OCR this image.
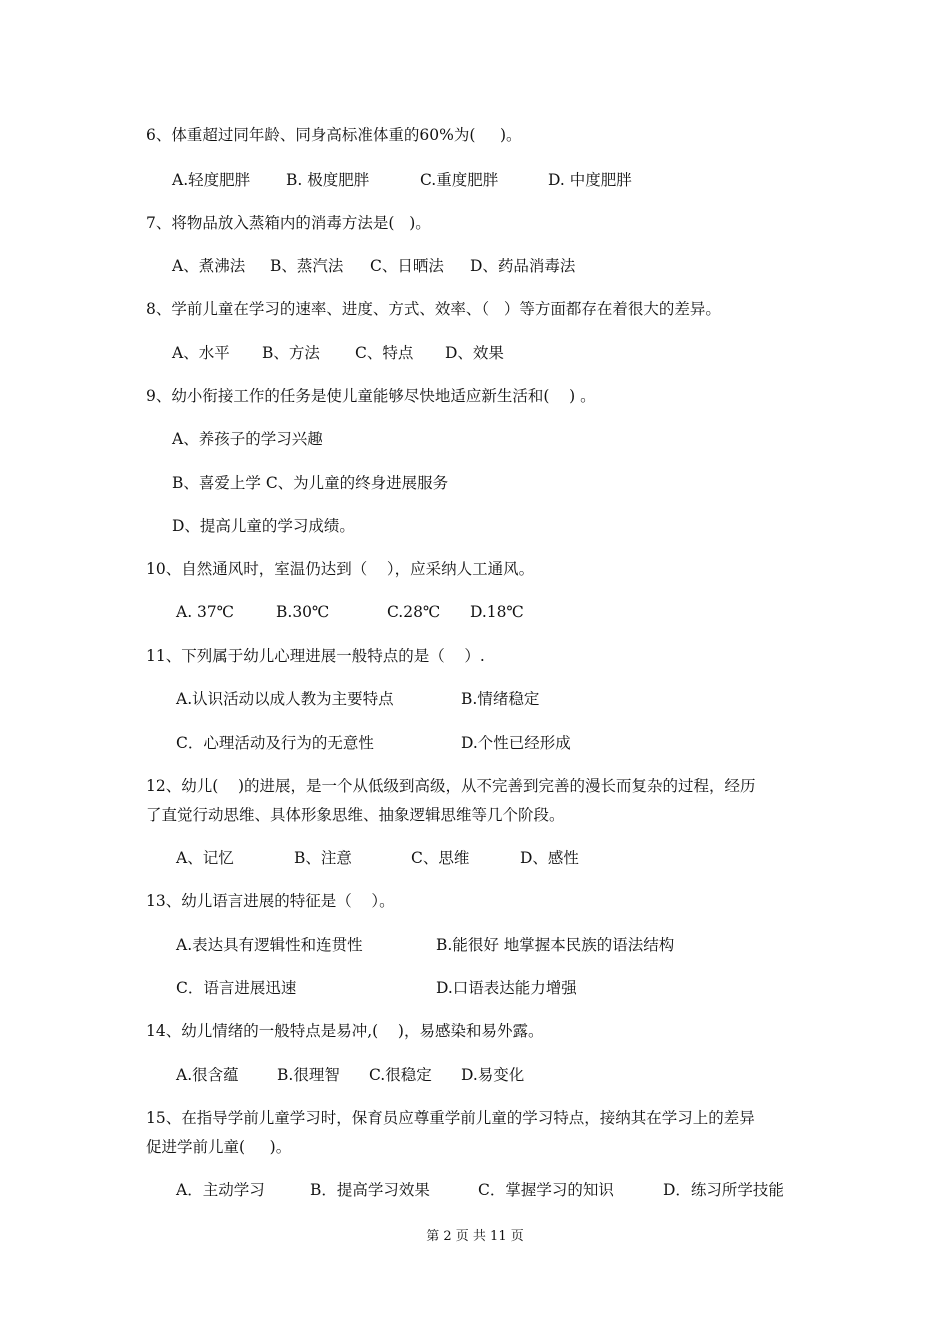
6、体重超过同年龄、同身高标准体重的60%为(     )。
A.轻度肥胖 B. 极度肥胖	C.重度肥胖	D. 中度肥胖
7、将物品放入蒸箱内的消毒方法是(   )。
A、煮沸法 B、蒸汽法 C、日晒法 D、药品消毒法
8、学前儿童在学习的速率、进度、方式、效率、（   ）等方面都存在着很大的差异。
A、水平 B、方法 C、特点 D、效果
9、幼小衔接工作的任务是使儿童能够尽快地适应新生活和(    ) 。
A、养孩子的学习兴趣
B、喜爱上学 C、为儿童的终身进展服务
D、提高儿童的学习成绩。
10、自然通风时，室温仍达到（    ），应采纳人工通风。
A. 37℃	B.30℃	C.28℃ D.18℃
11、下列属于幼儿心理进展一般特点的是（    ）.
A.认识活动以成人教为主要特点	B.情绪稳定
C．心理活动及行为的无意性	D.个性已经形成
12、幼儿(    )的进展，是一个从低级到高级，从不完善到完善的漫长而复杂的过程，经历
了直觉行动思维、具体形象思维、抽象逻辑思维等几个阶段。
A、记忆	B、注意	C、思维	D、感性
13、幼儿语言进展的特征是（    ）。
A.表达具有逻辑性和连贯性	B.能很好 地掌握本民族的语法结构
C．语言进展迅速	D.口语表达能力增强
14、幼儿情绪的一般特点是易冲,(    )，易感染和易外露。
A.很含蕴 B.很理智 C.很稳定 D.易变化
15、在指导学前儿童学习时，保育员应尊重学前儿童的学习特点，接纳其在学习上的差异
促进学前儿童(     )。
A．主动学习	B．提高学习效果	C．掌握学习的知识	D．练习所学技能
第 2 页 共 11 页
